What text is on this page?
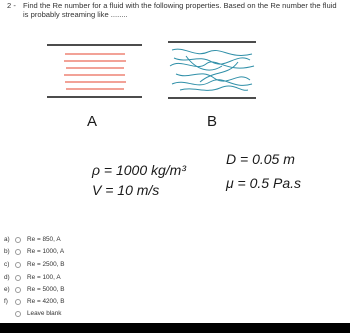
2 - Find the Re number for a fluid with the following properties. Based on the Re number the fluid
is probably streaming like ........
A	B
ρ = 1000 kg/m³
V = 10 m/s
D = 0.05 m
μ = 0.5 Pa.s
a)	Re = 850, A
b)	Re = 1000, A
c)	Re = 2500, B
d)	Re = 100, A
e)	Re = 5000, B
f)	Re = 4200, B
Leave blank
